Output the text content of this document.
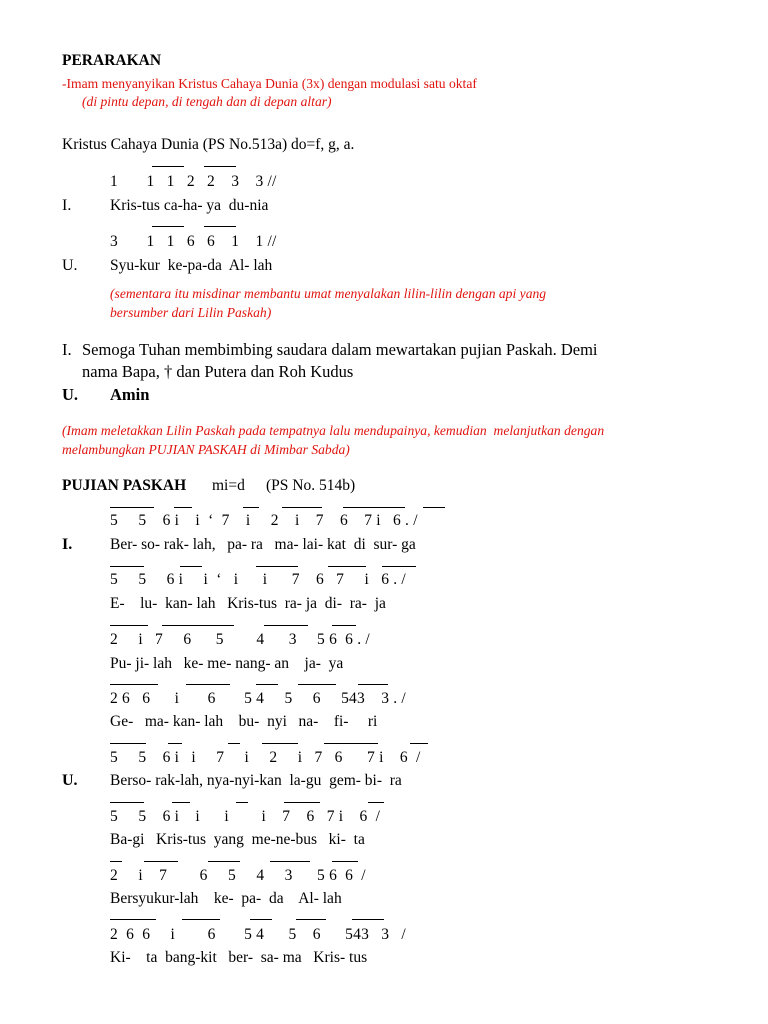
PERARAKAN
-Imam menyanyikan Kristus Cahaya Dunia (3x) dengan modulasi satu oktaf
(di pintu depan, di tengah dan di depan altar)
Kristus Cahaya Dunia (PS No.513a) do=f, g, a.
1       1   1   2   2    3    3 //
I. Kris-tus ca-ha- ya  du-nia
3       1   1   6   6    1    1 //
U. Syu-kur  ke-pa-da  Al- lah
(sementara itu misdinar membantu umat menyalakan lilin-lilin dengan api yang
bersumber dari Lilin Paskah)
I. Semoga Tuhan membimbing saudara dalam mewartakan pujian Paskah. Demi
nama Bapa, † dan Putera dan Roh Kudus
U. Amin
(Imam meletakkan Lilin Paskah pada tempatnya lalu mendupainya, kemudian  melanjutkan dengan
melambungkan PUJIAN PASKAH di Mimbar Sabda)
PUJIAN PASKAH mi=d (PS No. 514b)
5     5    6 i    i  ‘  7    i     2    i    7    6    7 i   6 . /
I. Ber- so- rak- lah,   pa- ra   ma- lai- kat  di  sur- ga
5     5     6 i     i  ‘   i      i      7    6   7     i   6 . /
E-    lu-  kan- lah   Kris-tus  ra- ja  di-  ra-  ja
2     i   7     6      5        4      3     5 6  6 . /
Pu- ji- lah   ke- me- nang- an    ja-  ya
2 6   6      i       6       5 4     5     6     543    3 . /
Ge-   ma- kan- lah    bu-  nyi   na-    fi-     ri
5     5    6 i   i     7     i     2     i   7   6      7 i    6  /
U. Berso- rak-lah, nya-nyi-kan  la-gu  gem- bi-  ra
5     5    6 i    i      i        i    7    6   7 i    6  /
Ba-gi   Kris-tus  yang  me-ne-bus   ki-  ta
2     i    7        6     5     4     3      5 6  6  /
Bersyukur-lah    ke-  pa-  da    Al- lah
2  6  6     i        6       5 4      5    6      543   3   /
Ki-    ta  bang-kit   ber-  sa- ma   Kris- tus
